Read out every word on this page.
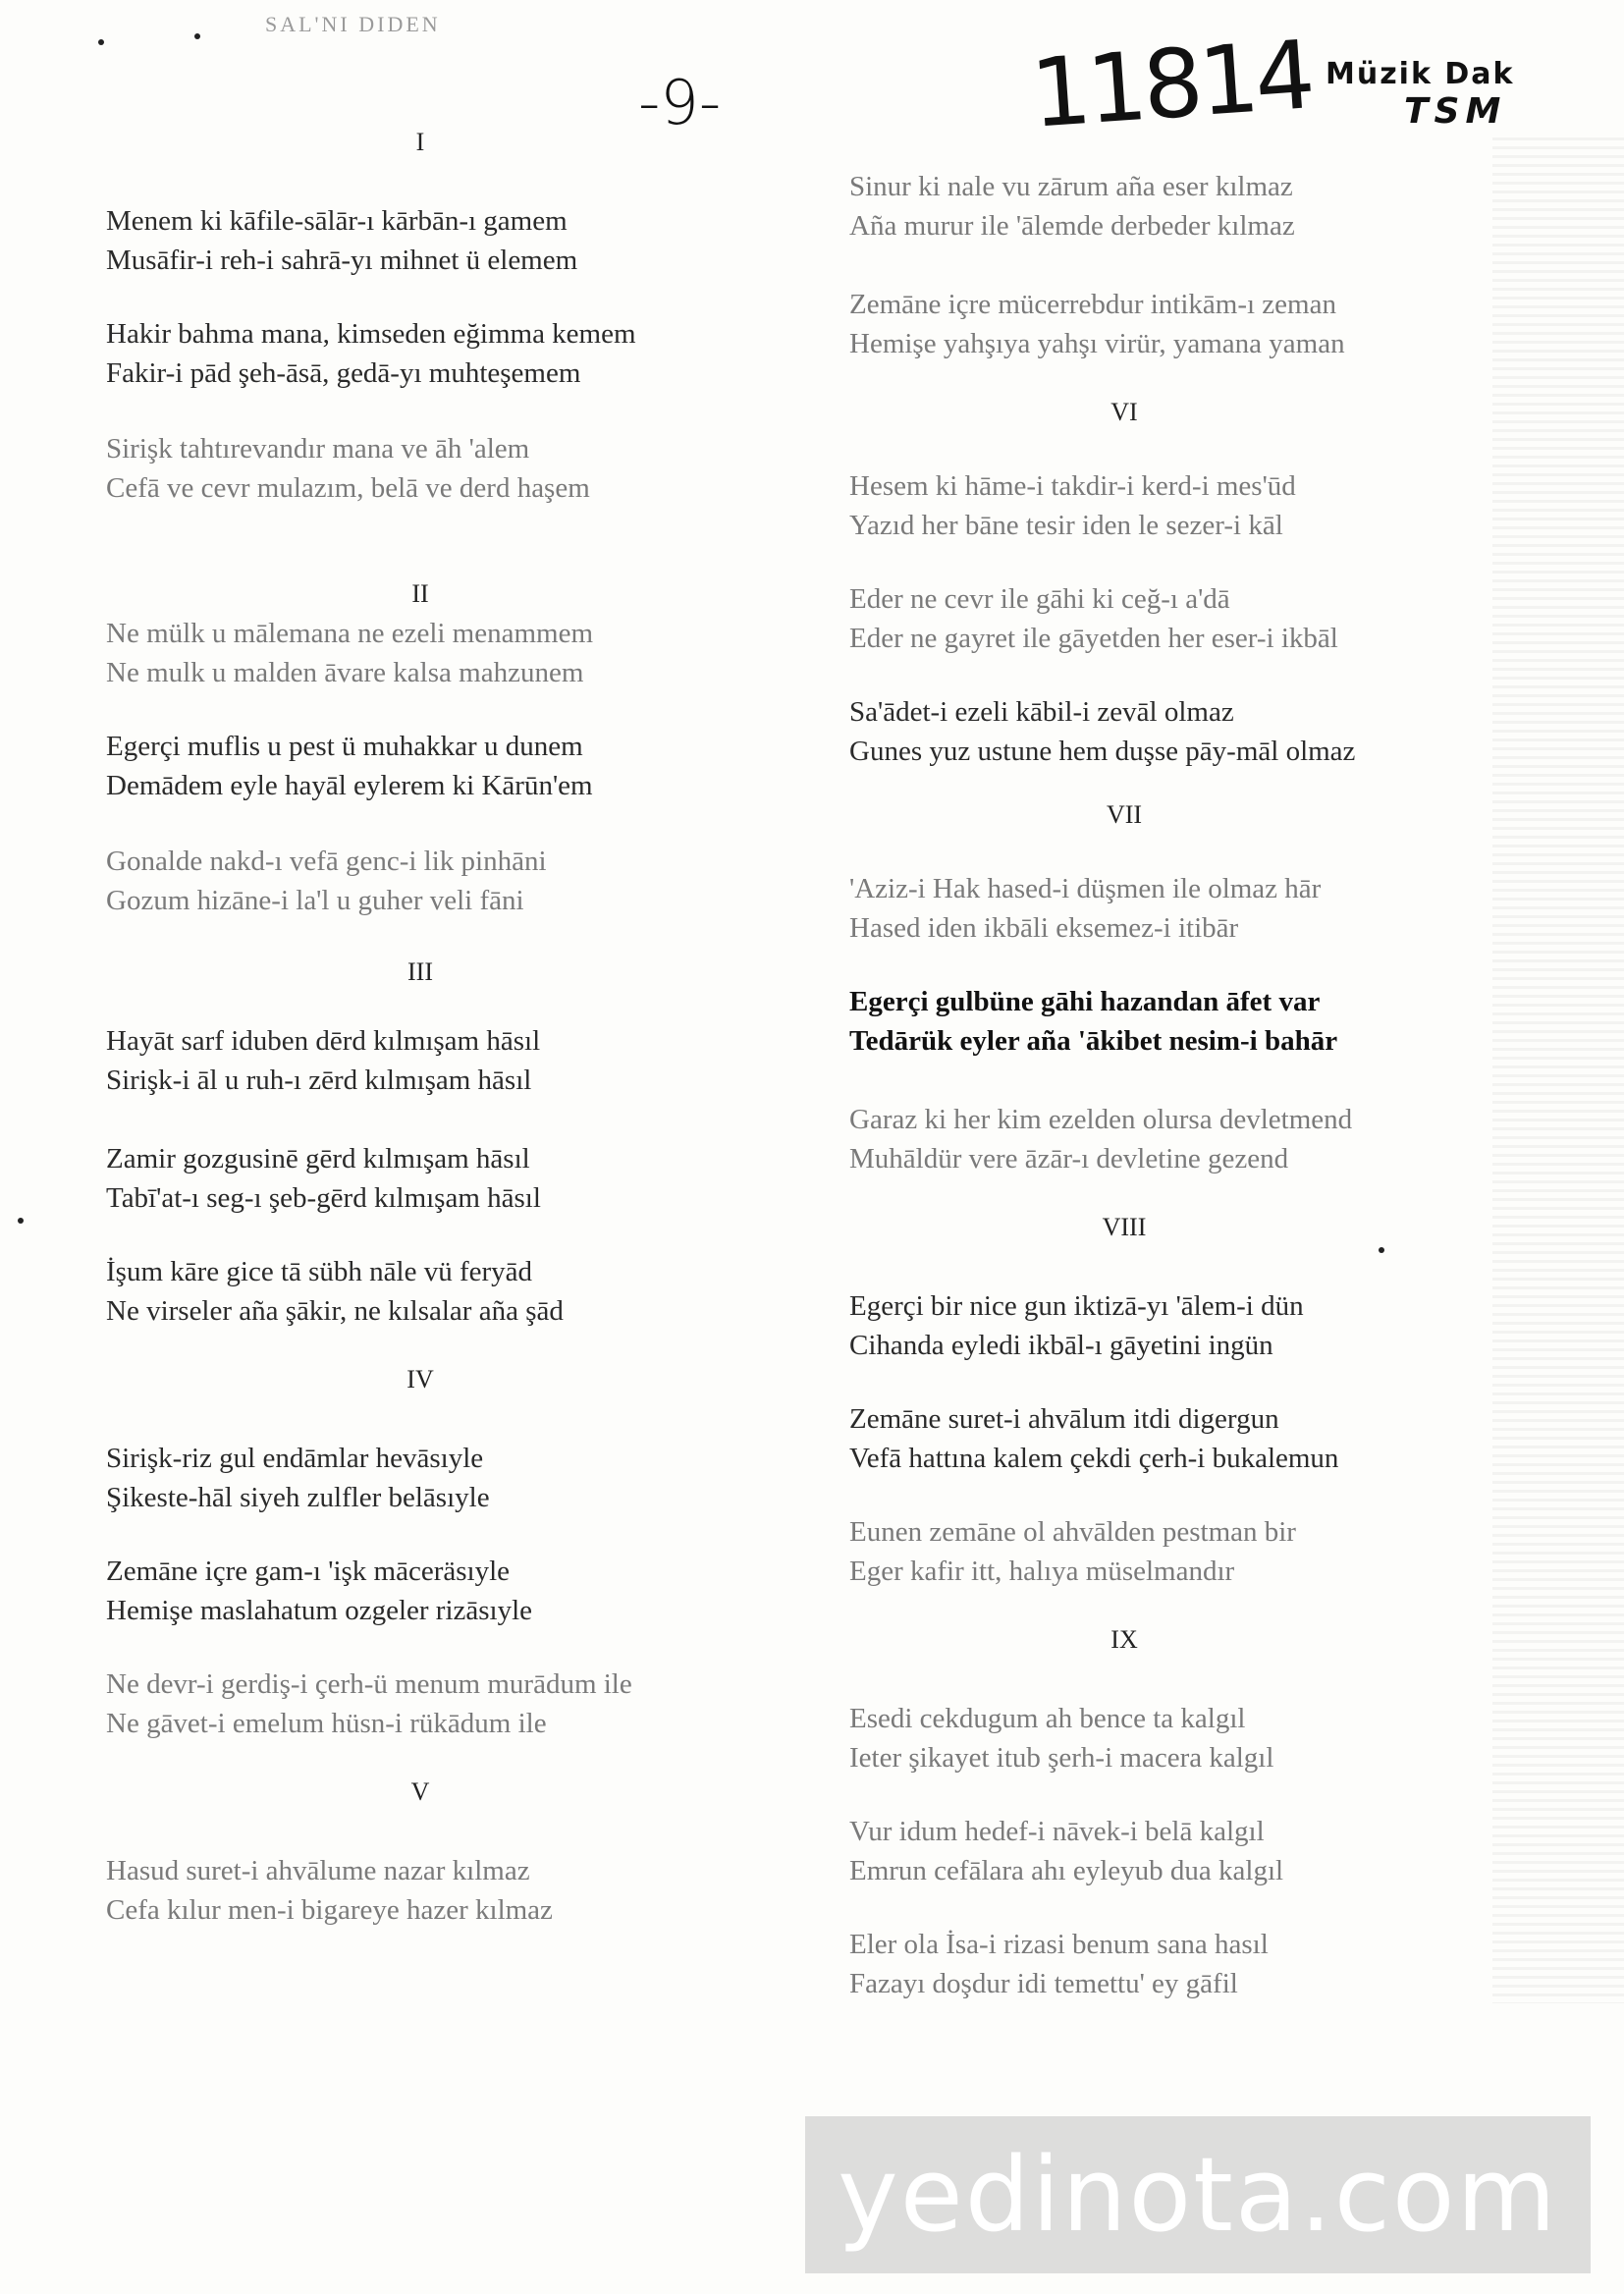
SAL'NI DIDEN
-9-	11814 Müzik Dak
TSM
I
Menem ki kāfile-sālār-ı kārbān-ı gamem
Musāfir-i reh-i sahrā-yı mihnet ü elemem
Hakir bahma mana, kimseden eğimma kemem
Fakir-i pād şeh-āsā, gedā-yı muhteşemem
Sirişk tahtırevandır mana ve āh 'alem
Cefā ve cevr mulazım, belā ve derd haşem
II
Ne mülk u mālemana ne ezeli menammem
Ne mulk u malden āvare kalsa mahzunem
Egerçi muflis u pest ü muhakkar u dunem
Demādem eyle hayāl eylerem ki Kārūn'em
Gonalde nakd-ı vefā genc-i lik pinhāni
Gozum hizāne-i la'l u guher veli fāni
III
Hayāt sarf iduben dērd kılmışam hāsıl
Sirişk-i āl u ruh-ı zērd kılmışam hāsıl
Zamir gozgusinē gērd kılmışam hāsıl
Tabī'at-ı seg-ı şeb-gērd kılmışam hāsıl
İşum kāre gice tā sübh nāle vü feryād
Ne virseler aña şākir, ne kılsalar aña şād
IV
Sirişk-riz gul endāmlar hevāsıyle
Şikeste-hāl siyeh zulfler belāsıyle
Zemāne içre gam-ı 'işk māceräsıyle
Hemişe maslahatum ozgeler rizāsıyle
Ne devr-i gerdiş-i çerh-ü menum murādum ile
Ne gāvet-i emelum hüsn-i rükādum ile
V
Hasud suret-i ahvālume nazar kılmaz
Cefa kılur men-i bigareye hazer kılmaz
Sinur ki nale vu zārum aña eser kılmaz
Aña murur ile 'ālemde derbeder kılmaz
Zemāne içre mücerrebdur intikām-ı zeman
Hemişe yahşıya yahşı virür, yamana yaman
VI
Hesem ki hāme-i takdir-i kerd-i mes'ūd
Yazıd her bāne tesir iden le sezer-i kāl
Eder ne cevr ile gāhi ki ceğ-ı a'dā
Eder ne gayret ile gāyetden her eser-i ikbāl
Sa'ādet-i ezeli kābil-i zevāl olmaz
Gunes yuz ustune hem duşse pāy-māl olmaz
VII
'Aziz-i Hak hased-i düşmen ile olmaz hār
Hased iden ikbāli eksemez-i itibār
Egerçi gulbüne gāhi hazandan āfet var
Tedārük eyler aña 'ākibet nesim-i bahār
Garaz ki her kim ezelden olursa devletmend
Muhāldür vere āzār-ı devletine gezend
VIII
Egerçi bir nice gun iktizā-yı 'ālem-i dün
Cihanda eyledi ikbāl-ı gāyetini ingün
Zemāne suret-i ahvālum itdi digergun
Vefā hattına kalem çekdi çerh-i bukalemun
Eunen zemāne ol ahvālden pestman bir
Eger kafir itt, halıya müselmandır
IX
Esedi cekdugum ah bence ta kalgıl
Ieter şikayet itub şerh-i macera kalgıl
Vur idum hedef-i nāvek-i belā kalgıl
Emrun cefālara ahı eyleyub dua kalgıl
Eler ola İsa-i rizasi benum sana hasıl
Fazayı doşdur idi temettu' ey gāfil
yedinota.com
